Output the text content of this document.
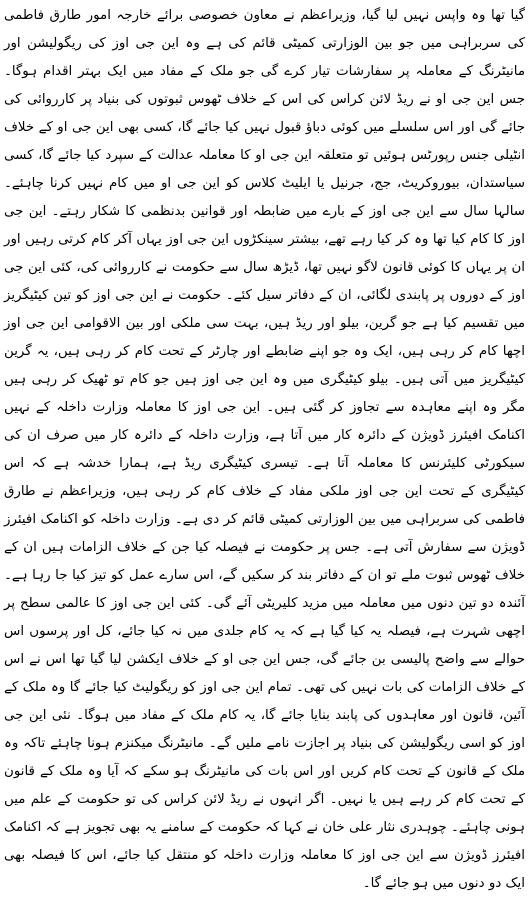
گیا تھا وہ واپس نہیں لیا گیا، وزیراعظم نے معاون خصوصی برائے خارجہ امور طارق فاطمی کی سربراہی میں جو بین الوزارتی کمیٹی قائم کی ہے وہ این جی اوز کی ریگولیشن اور مانیٹرنگ کے معاملہ پر سفارشات تیار کرے گی جو ملک کے مفاد میں ایک بہتر اقدام ہوگا۔ جس این جی او نے ریڈ لائن کراس کی اس کے خلاف ٹھوس ثبوتوں کی بنیاد پر کارروائی کی جائے گی اور اس سلسلے میں کوئی دباؤ قبول نہیں کیا جائے گا، کسی بھی این جی او کے خلاف انٹیلی جنس رپورٹس ہوئیں تو متعلقہ این جی او کا معاملہ عدالت کے سپرد کیا جائے گا، کسی سیاستدان، بیوروکریٹ، جج، جرنیل یا ایلیٹ کلاس کو این جی او میں کام نہیں کرنا چاہئے۔ سالہا سال سے این جی اوز کے بارے میں ضابطہ اور قوانین بدنظمی کا شکار رہتے۔ این جی اوز کا کام کیا تھا وہ کر کیا رہے تھے، بیشتر سینکڑوں این جی اوز یہاں آکر کام کرتی رہیں اور ان پر یہاں کا کوئی قانون لاگو نہیں تھا، ڈیڑھ سال سے حکومت نے کارروائی کی، کئی این جی اوز کے دوروں پر پابندی لگائی، ان کے دفاتر سیل کئے۔ حکومت نے این جی اوز کو تین کیٹیگریز میں تقسیم کیا ہے جو گرین، بیلو اور ریڈ ہیں، بہت سی ملکی اور بین الاقوامی این جی اوز اچھا کام کر رہی ہیں، ایک وہ جو اپنے ضابطے اور چارٹر کے تحت کام کر رہی ہیں، یہ گرین کیٹیگریز میں آتی ہیں۔ بیلو کیٹیگری میں وہ این جی اوز ہیں جو کام تو ٹھیک کر رہی ہیں مگر وہ اپنے معاہدہ سے تجاوز کر گئی ہیں۔ این جی اوز کا معاملہ وزارت داخلہ کے نہیں اکنامک افیئرز ڈویژن کے دائرہ کار میں آتا ہے، وزارت داخلہ کے دائرہ کار میں صرف ان کی سیکورٹی کلیئرنس کا معاملہ آتا ہے۔ تیسری کیٹیگری ریڈ ہے، ہمارا خدشہ ہے کہ اس کیٹیگری کے تحت این جی اوز ملکی مفاد کے خلاف کام کر رہی ہیں، وزیراعظم نے طارق فاطمی کی سربراہی میں بین الوزارتی کمیٹی قائم کر دی ہے۔ وزارت داخلہ کو اکنامک افیئرز ڈویژن سے سفارش آتی ہے۔ جس پر حکومت نے فیصلہ کیا جن کے خلاف الزامات ہیں ان کے خلاف ٹھوس ثبوت ملے تو ان کے دفاتر بند کر سکیں گے، اس سارے عمل کو تیز کیا جا رہا ہے۔ آئندہ دو تین دنوں میں معاملہ میں مزید کلیریٹی آئے گی۔ کئی این جی اوز کا عالمی سطح پر اچھی شہرت ہے، فیصلہ یہ کیا گیا ہے کہ یہ کام جلدی میں نہ کیا جائے، کل اور پرسوں اس حوالے سے واضح پالیسی بن جائے گی، جس این جی او کے خلاف ایکشن لیا گیا تھا اس نے اس کے خلاف الزامات کی بات نہیں کی تھی۔ تمام این جی اوز کو ریگولیٹ کیا جائے گا وہ ملک کے آئین، قانون اور معاہدوں کی پابند بنایا جائے گا، یہ کام ملک کے مفاد میں ہوگا۔ نئی این جی اوز کو اسی ریگولیشن کی بنیاد پر اجازت نامے ملیں گے۔ مانیٹرنگ میکنزم ہونا چاہئے تاکہ وہ ملک کے قانون کے تحت کام کریں اور اس بات کی مانیٹرنگ ہو سکے کہ آیا وہ ملک کے قانون کے تحت کام کر رہے ہیں یا نہیں۔ اگر انہوں نے ریڈ لائن کراس کی تو حکومت کے علم میں ہونی چاہئے۔ چوہدری نثار علی خان نے کہا کہ حکومت کے سامنے یہ بھی تجویز ہے کہ اکنامک افیئرز ڈویژن سے این جی اوز کا معاملہ وزارت داخلہ کو منتقل کیا جائے، اس کا فیصلہ بھی ایک دو دنوں میں ہو جائے گا۔
